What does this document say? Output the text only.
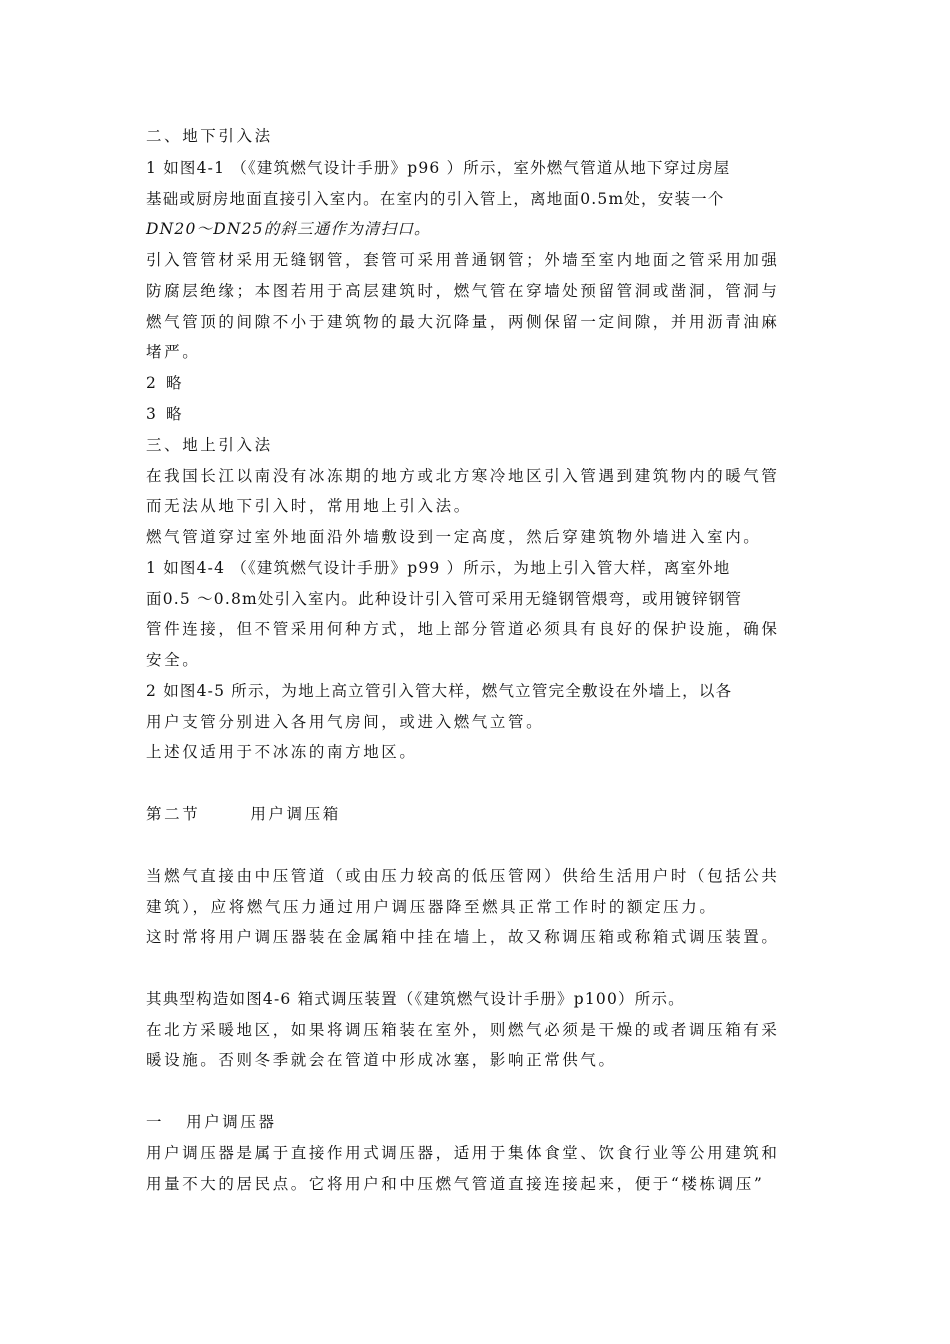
二、地下引入法
1 如图4-1 （《建筑燃气设计手册》p96 ）所示，室外燃气管道从地下穿过房屋
基础或厨房地面直接引入室内。在室内的引入管上，离地面0.5m处，安装一个
DN20～DN25的斜三通作为清扫口。
引入管管材采用无缝钢管，套管可采用普通钢管；外墙至室内地面之管采用加强
防腐层绝缘；本图若用于高层建筑时，燃气管在穿墙处预留管洞或凿洞，管洞与
燃气管顶的间隙不小于建筑物的最大沉降量，两侧保留一定间隙，并用沥青油麻
堵严。
2 略
3 略
三、地上引入法
在我国长江以南没有冰冻期的地方或北方寒冷地区引入管遇到建筑物内的暖气管
而无法从地下引入时，常用地上引入法。
燃气管道穿过室外地面沿外墙敷设到一定高度，然后穿建筑物外墙进入室内。
1 如图4-4 （《建筑燃气设计手册》p99 ）所示，为地上引入管大样，离室外地
面0.5 ～0.8m处引入室内。此种设计引入管可采用无缝钢管煨弯，或用镀锌钢管
管件连接，但不管采用何种方式，地上部分管道必须具有良好的保护设施，确保
安全。
2 如图4-5 所示，为地上高立管引入管大样，燃气立管完全敷设在外墙上，以各
用户支管分别进入各用气房间，或进入燃气立管。
上述仅适用于不冰冻的南方地区。
第二节	用户调压箱
当燃气直接由中压管道（或由压力较高的低压管网）供给生活用户时（包括公共
建筑），应将燃气压力通过用户调压器降至燃具正常工作时的额定压力。
这时常将用户调压器装在金属箱中挂在墙上，故又称调压箱或称箱式调压装置。
其典型构造如图4-6 箱式调压装置（《建筑燃气设计手册》p100）所示。
在北方采暖地区，如果将调压箱装在室外，则燃气必须是干燥的或者调压箱有采
暖设施。否则冬季就会在管道中形成冰塞，影响正常供气。
一 用户调压器
用户调压器是属于直接作用式调压器，适用于集体食堂、饮食行业等公用建筑和
用量不大的居民点。它将用户和中压燃气管道直接连接起来，便于“楼栋调压”
